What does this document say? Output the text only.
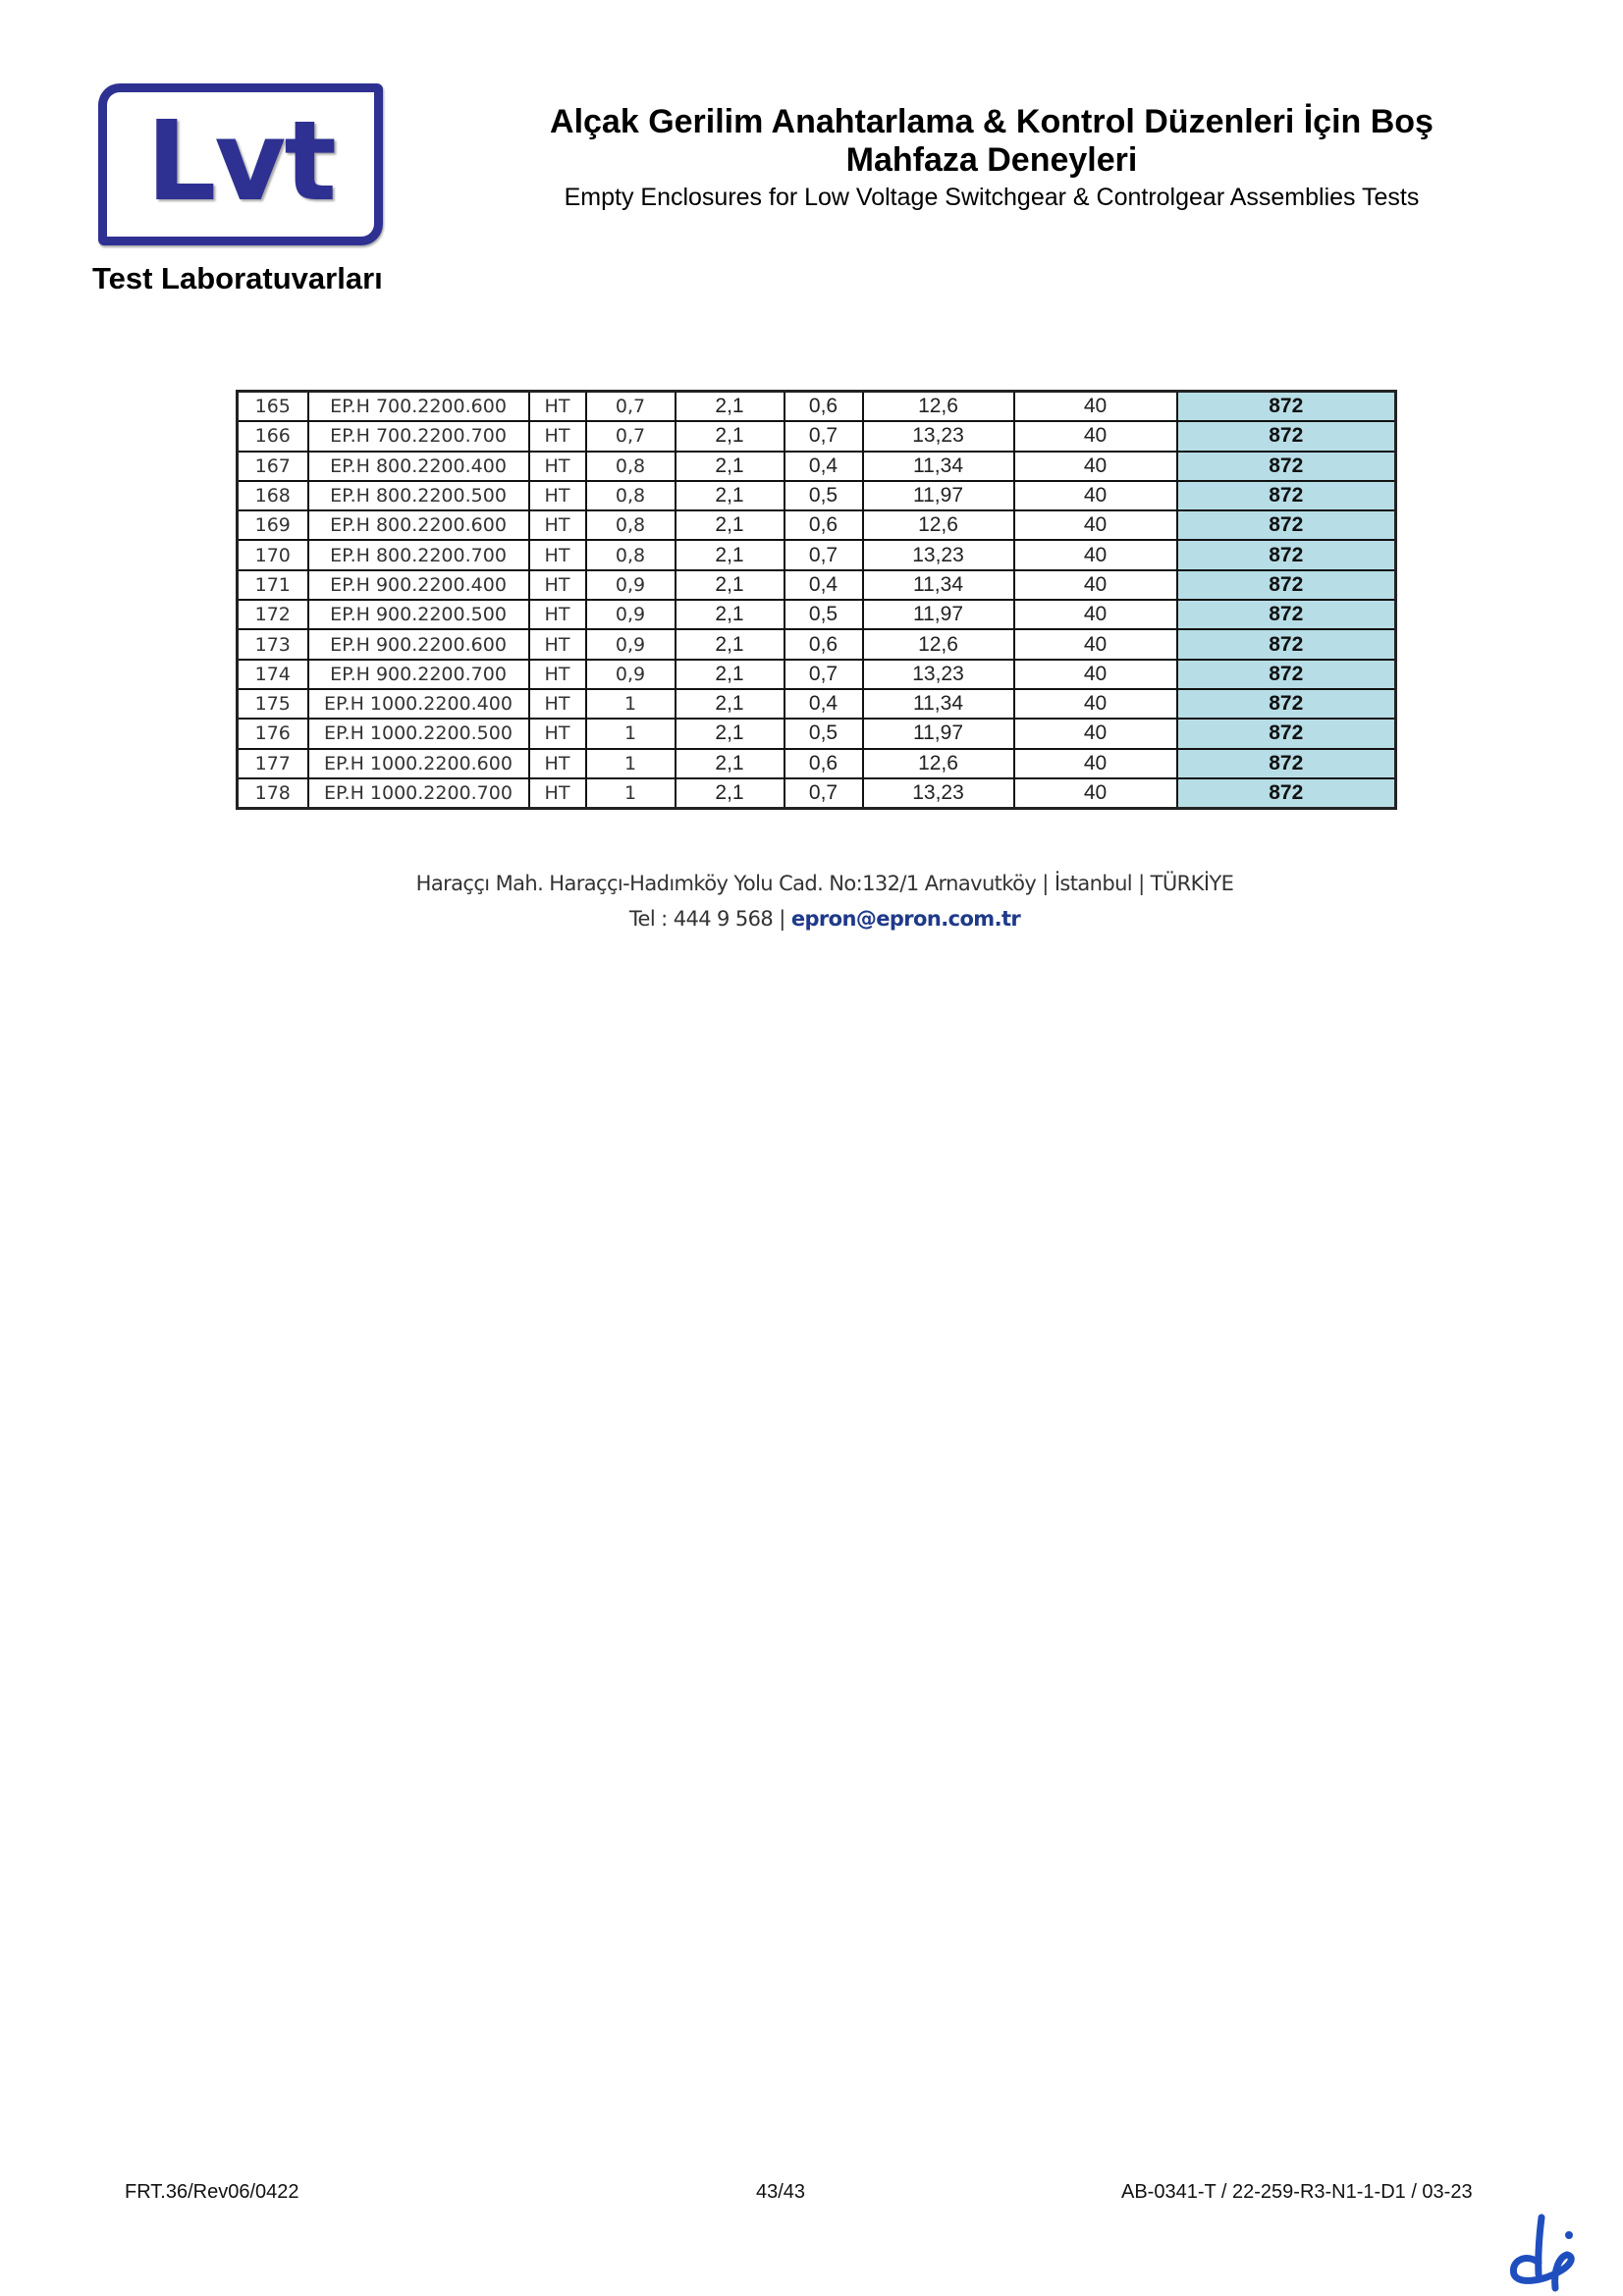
Lvt
Test Laboratuvarları
Alçak Gerilim Anahtarlama & Kontrol Düzenleri İçin Boş
Mahfaza Deneyleri
Empty Enclosures for Low Voltage Switchgear & Controlgear Assemblies Tests
165	EP.H 700.2200.600	HT	0,7	2,1	0,6	12,6	40	872
166	EP.H 700.2200.700	HT	0,7	2,1	0,7	13,23	40	872
167	EP.H 800.2200.400	HT	0,8	2,1	0,4	11,34	40	872
168	EP.H 800.2200.500	HT	0,8	2,1	0,5	11,97	40	872
169	EP.H 800.2200.600	HT	0,8	2,1	0,6	12,6	40	872
170	EP.H 800.2200.700	HT	0,8	2,1	0,7	13,23	40	872
171	EP.H 900.2200.400	HT	0,9	2,1	0,4	11,34	40	872
172	EP.H 900.2200.500	HT	0,9	2,1	0,5	11,97	40	872
173	EP.H 900.2200.600	HT	0,9	2,1	0,6	12,6	40	872
174	EP.H 900.2200.700	HT	0,9	2,1	0,7	13,23	40	872
175	EP.H 1000.2200.400	HT	1	2,1	0,4	11,34	40	872
176	EP.H 1000.2200.500	HT	1	2,1	0,5	11,97	40	872
177	EP.H 1000.2200.600	HT	1	2,1	0,6	12,6	40	872
178	EP.H 1000.2200.700	HT	1	2,1	0,7	13,23	40	872
Haraççı Mah. Haraççı-Hadımköy Yolu Cad. No:132/1 Arnavutköy | İstanbul | TÜRKİYE
Tel : 444 9 568 | epron@epron.com.tr
FRT.36/Rev06/0422	43/43	AB-0341-T / 22-259-R3-N1-1-D1 / 03-23
